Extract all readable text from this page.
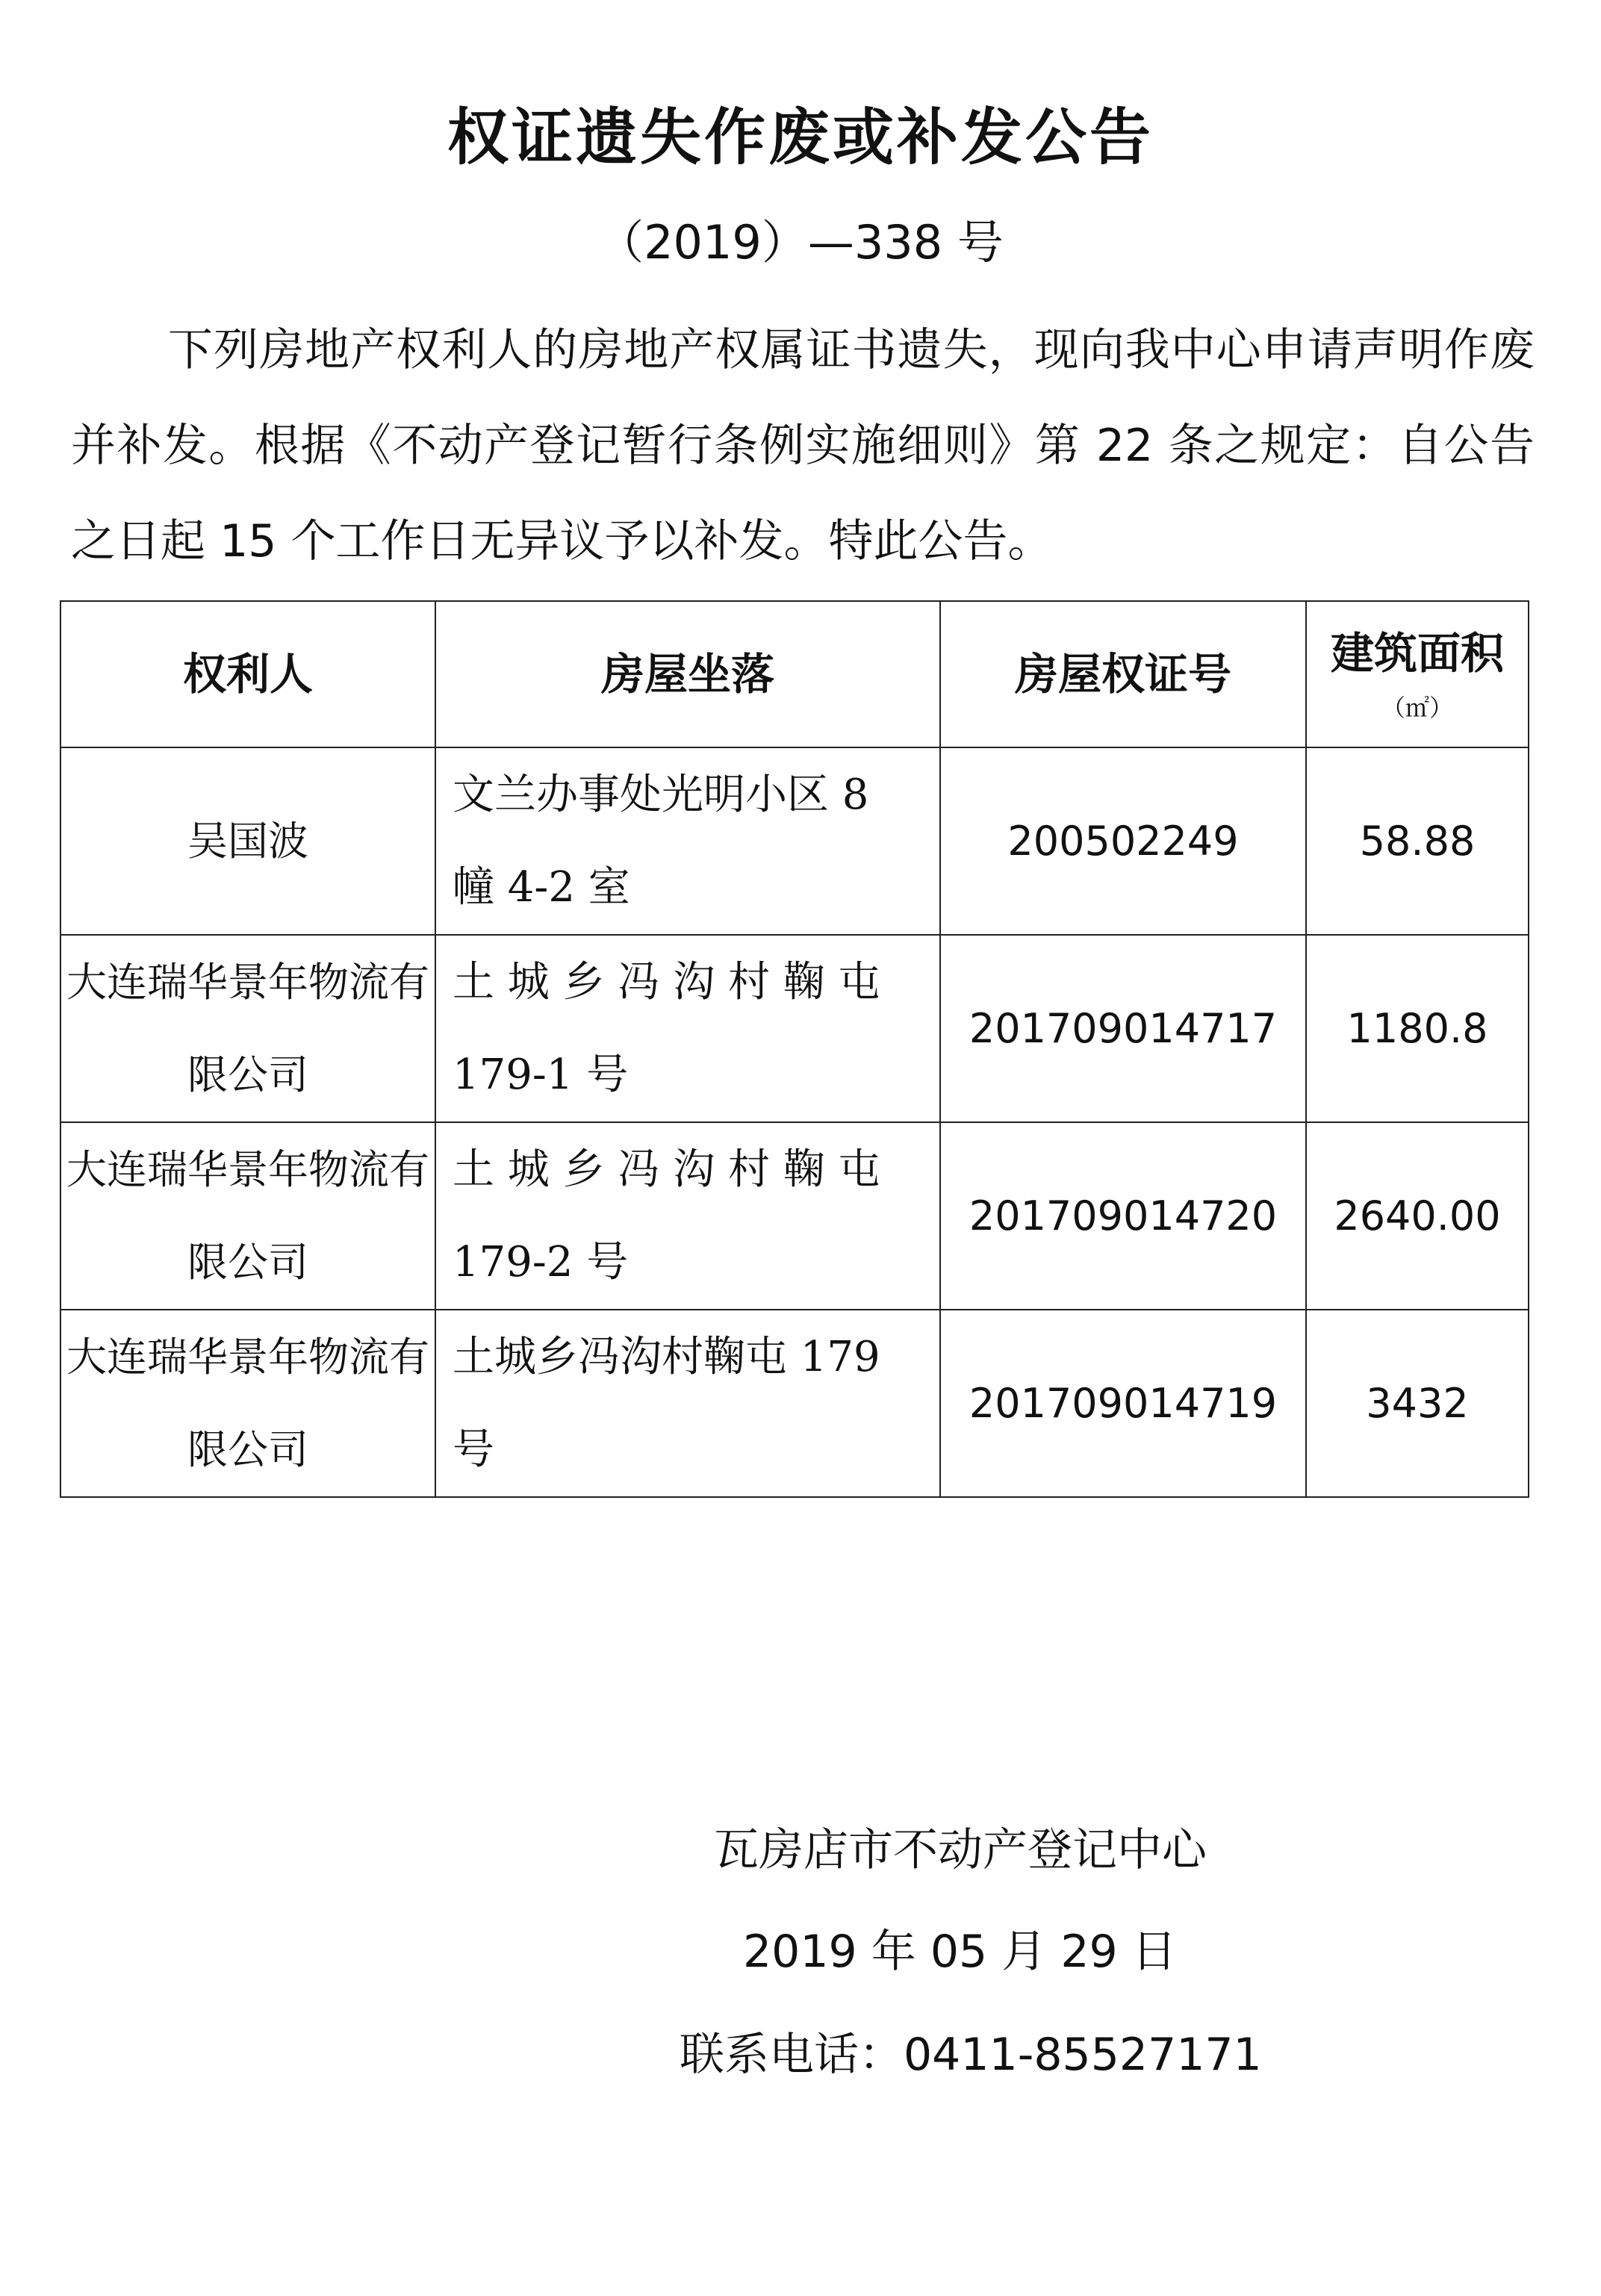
权证遗失作废或补发公告
（2019）—338 号

下列房地产权利人的房地产权属证书遗失，现向我中心申请声明作废并补发。根据《不动产登记暂行条例实施细则》第 22 条之规定：自公告之日起 15 个工作日无异议予以补发。特此公告。

权利人	房屋坐落	房屋权证号	建筑面积
（㎡）

吴国波	文兰办事处光明小区 8 幢 4-2 室	200502249	58.88
大连瑞华景年物流有限公司	土 城 乡 冯 沟 村 鞠 屯 179-1 号	201709014717	1180.8
大连瑞华景年物流有限公司	土 城 乡 冯 沟 村 鞠 屯 179-2 号	201709014720	2640.00
大连瑞华景年物流有限公司	土城乡冯沟村鞠屯 179 号	201709014719	3432
瓦房店市不动产登记中心
2019 年 05 月 29 日
联系电话：0411-85527171
